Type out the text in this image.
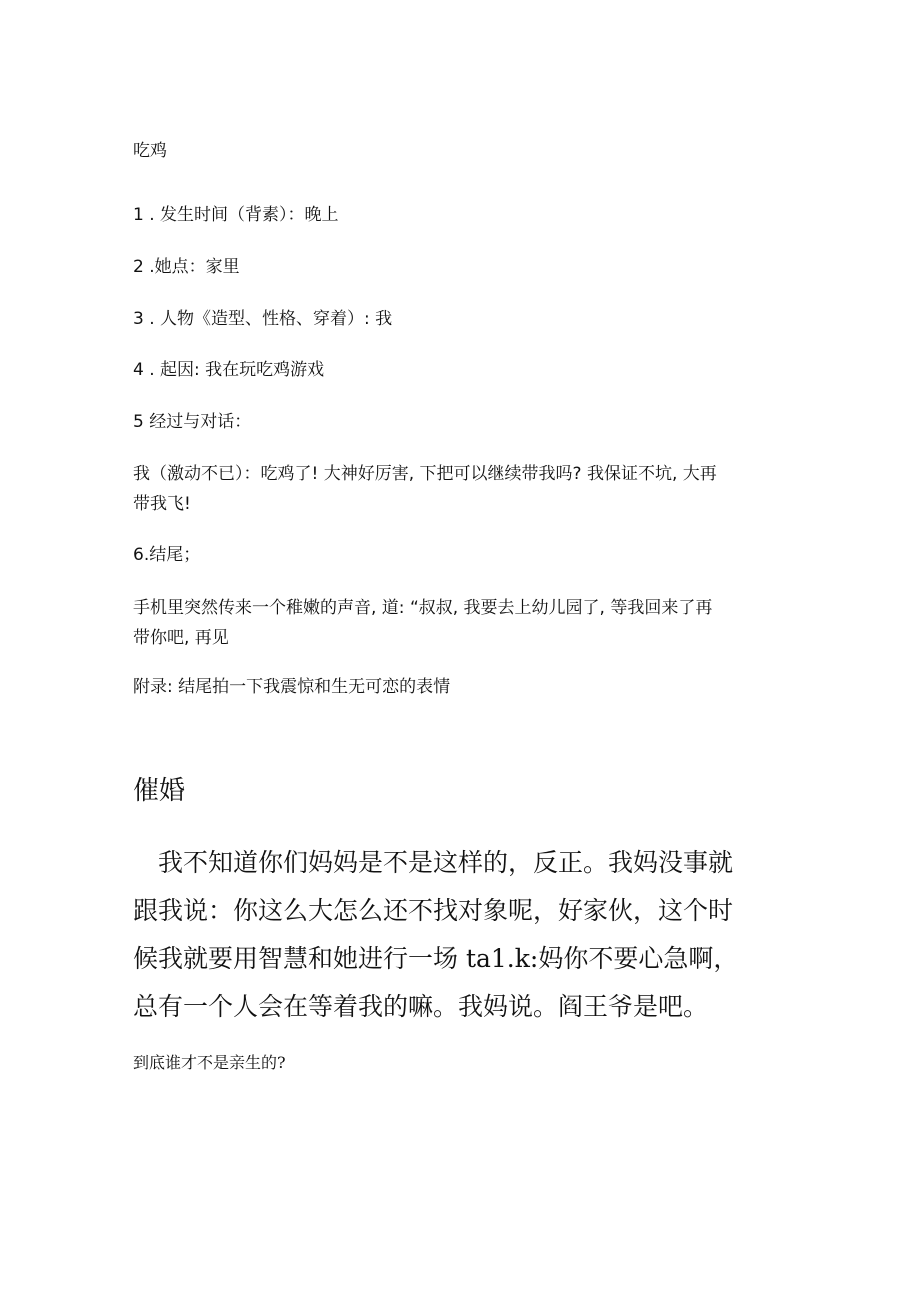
吃鸡
1 . 发生时间（背素）：晚上
2 .她点：家里
3 . 人物《造型、性格、穿着）: 我
4 . 起因: 我在玩吃鸡游戏
5 经过与对话：
我（激动不已）：吃鸡了! 大神好厉害, 下把可以继续带我吗? 我保证不坑, 大再
带我飞!
6.结尾；
手机里突然传来一个稚嫩的声音, 道: “叔叔, 我要去上幼儿园了, 等我回来了再
带你吧, 再见
附录: 结尾拍一下我震惊和生无可恋的表情
催婚
我不知道你们妈妈是不是这样的，反正。我妈没事就
跟我说：你这么大怎么还不找对象呢，好家伙，这个时
候我就要用智慧和她进行一场 ta1.k:妈你不要心急啊，
总有一个人会在等着我的嘛。我妈说。阎王爷是吧。
到底谁才不是亲生的?
